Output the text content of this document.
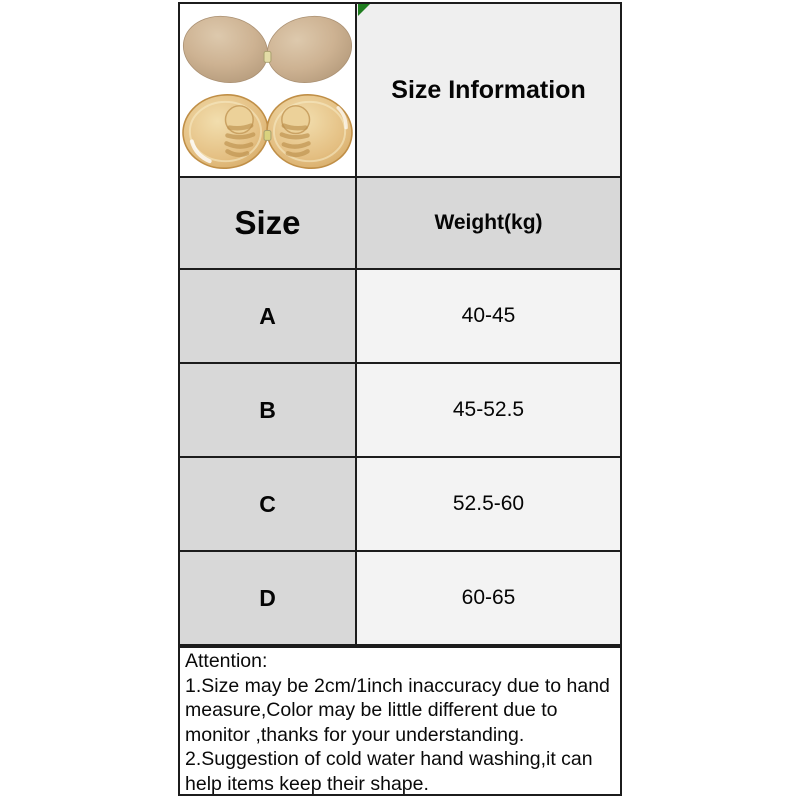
Size Information
Size	Weight(kg)
A	40-45
B	45-52.5
C	52.5-60
D	60-65
Attention:
1.Size may be 2cm/1inch inaccuracy due to hand
measure,Color may be little different due to
monitor ,thanks for your understanding.
2.Suggestion of cold water hand washing,it can
help items keep their shape.
